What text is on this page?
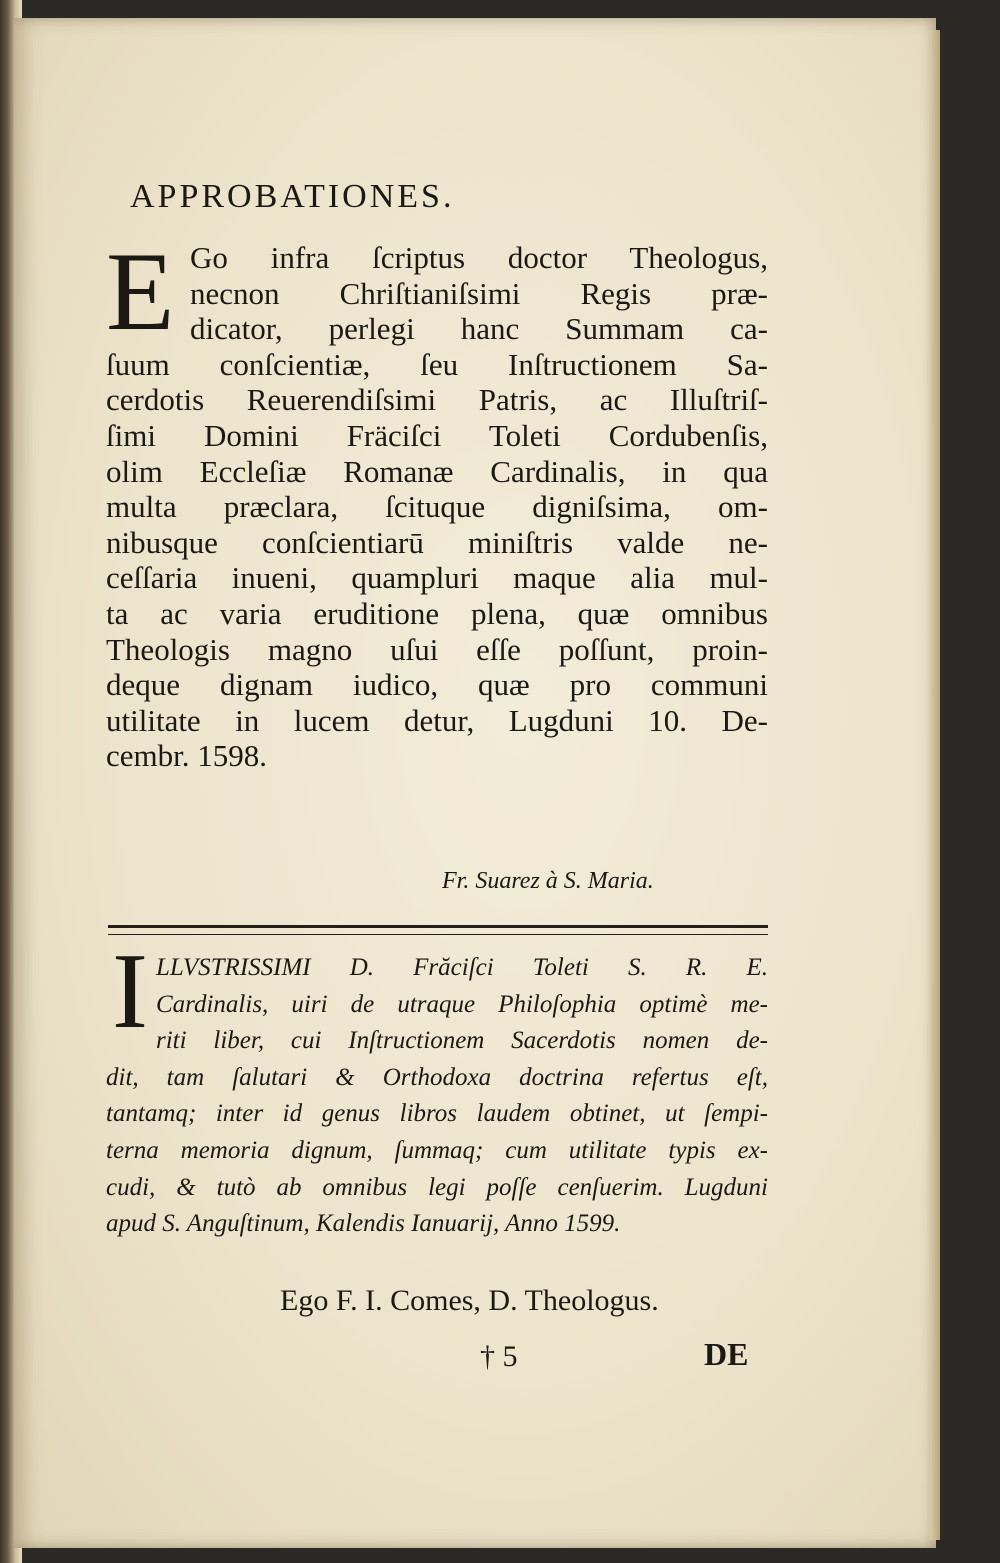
APPROBATIONES.
E Go infra ſcriptus doctor Theologus,
necnon Chriſtianiſsimi Regis præ-
dicator, perlegi hanc Summam ca-
ſuum conſcientiæ, ſeu Inſtructionem Sa-
cerdotis Reuerendiſsimi Patris, ac Illuſtriſ-
ſimi Domini Fräciſci Toleti Cordubenſis,
olim Eccleſiæ Romanæ Cardinalis, in qua
multa præclara, ſcituque digniſsima, om-
nibusque conſcientiarū miniſtris valde ne-
ceſſaria inueni, quampluri maque alia mul-
ta ac varia eruditione plena, quæ omnibus
Theologis magno uſui eſſe poſſunt, proin-
deque dignam iudico, quæ pro communi
utilitate in lucem detur, Lugduni 10. De-
cembr. 1598.
Fr. Suarez à S. Maria.
I LLVSTRISSIMI D. Frăciſci Toleti S. R. E.
Cardinalis, uiri de utraque Philoſophia optimè me-
riti liber, cui Inſtructionem Sacerdotis nomen de-
dit, tam ſalutari & Orthodoxa doctrina refertus eſt,
tantamq; inter id genus libros laudem obtinet, ut ſempi-
terna memoria dignum, ſummaq; cum utilitate typis ex-
cudi, & tutò ab omnibus legi poſſe cenſuerim. Lugduni
apud S. Anguſtinum, Kalendis Ianuarij, Anno 1599.
Ego F. I. Comes, D. Theologus.
† 5	DE
